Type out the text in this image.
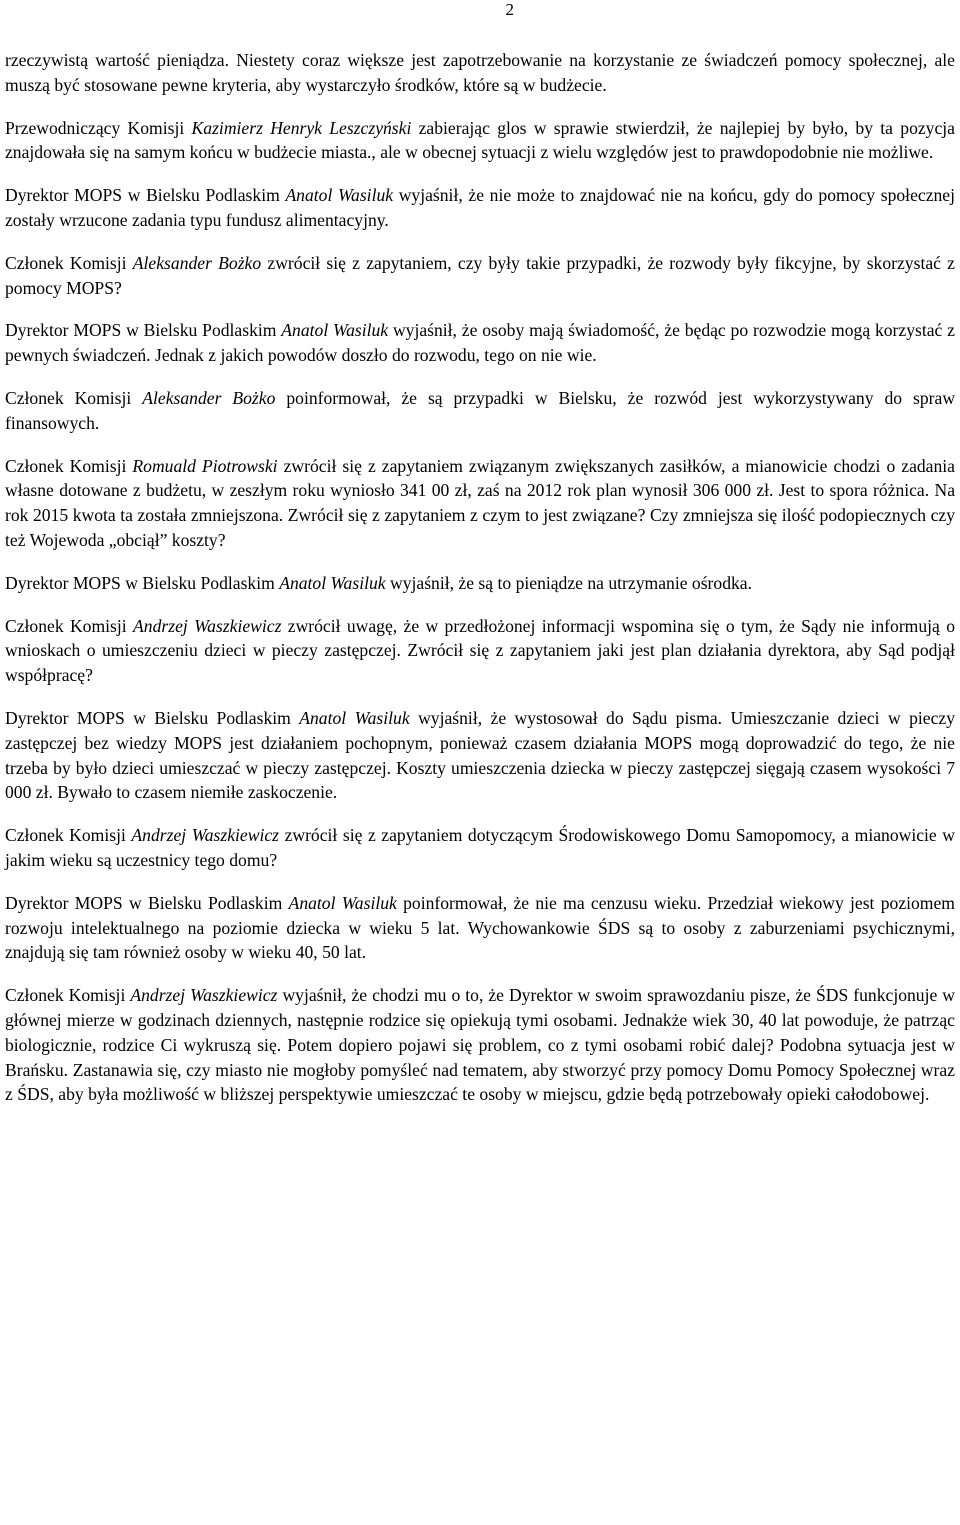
2

rzeczywistą wartość pieniądza. Niestety coraz większe jest zapotrzebowanie na korzystanie ze świadczeń pomocy społecznej, ale muszą być stosowane pewne kryteria, aby wystarczyło środków, które są w budżecie.

Przewodniczący Komisji Kazimierz Henryk Leszczyński zabierając glos w sprawie stwierdził, że najlepiej by było, by ta pozycja znajdowała się na samym końcu w budżecie miasta., ale w obecnej sytuacji z wielu względów jest to prawdopodobnie nie możliwe.

Dyrektor MOPS w Bielsku Podlaskim Anatol Wasiluk wyjaśnił, że nie może to znajdować nie na końcu, gdy do pomocy społecznej zostały wrzucone zadania typu fundusz alimentacyjny.

Członek Komisji Aleksander Bożko zwrócił się z zapytaniem, czy były takie przypadki, że rozwody były fikcyjne, by skorzystać z pomocy MOPS?

Dyrektor MOPS w Bielsku Podlaskim Anatol Wasiluk wyjaśnił, że osoby mają świadomość, że będąc po rozwodzie mogą korzystać z pewnych świadczeń. Jednak z jakich powodów doszło do rozwodu, tego on nie wie.

Członek Komisji Aleksander Bożko poinformował, że są przypadki w Bielsku, że rozwód jest wykorzystywany do spraw finansowych.

Członek Komisji Romuald Piotrowski zwrócił się z zapytaniem związanym zwiększanych zasiłków, a mianowicie chodzi o zadania własne dotowane z budżetu, w zeszłym roku wyniosło 341 00 zł, zaś na 2012 rok plan wynosił 306 000 zł. Jest to spora różnica. Na rok 2015 kwota ta została zmniejszona. Zwrócił się z zapytaniem z czym to jest związane? Czy zmniejsza się ilość podopiecznych czy też Wojewoda „obciął” koszty?

Dyrektor MOPS w Bielsku Podlaskim Anatol Wasiluk wyjaśnił, że są to pieniądze na utrzymanie ośrodka.

Członek Komisji Andrzej Waszkiewicz zwrócił uwagę, że w przedłożonej informacji wspomina się o tym, że Sądy nie informują o wnioskach o umieszczeniu dzieci w pieczy zastępczej. Zwrócił się z zapytaniem jaki jest plan działania dyrektora, aby Sąd podjął współpracę?

Dyrektor MOPS w Bielsku Podlaskim Anatol Wasiluk wyjaśnił, że wystosował do Sądu pisma. Umieszczanie dzieci w pieczy zastępczej bez wiedzy MOPS jest działaniem pochopnym, ponieważ czasem działania MOPS mogą doprowadzić do tego, że nie trzeba by było dzieci umieszczać w pieczy zastępczej. Koszty umieszczenia dziecka w pieczy zastępczej sięgają czasem wysokości 7 000 zł. Bywało to czasem niemiłe zaskoczenie.

Członek Komisji Andrzej Waszkiewicz zwrócił się z zapytaniem dotyczącym Środowiskowego Domu Samopomocy, a mianowicie w jakim wieku są uczestnicy tego domu?

Dyrektor MOPS w Bielsku Podlaskim Anatol Wasiluk poinformował, że nie ma cenzusu wieku. Przedział wiekowy jest poziomem rozwoju intelektualnego na poziomie dziecka w wieku 5 lat. Wychowankowie ŚDS są to osoby z zaburzeniami psychicznymi, znajdują się tam również osoby w wieku 40, 50 lat.

Członek Komisji Andrzej Waszkiewicz wyjaśnił, że chodzi mu o to, że Dyrektor w swoim sprawozdaniu pisze, że ŚDS funkcjonuje w głównej mierze w godzinach dziennych, następnie rodzice się opiekują tymi osobami. Jednakże wiek 30, 40 lat powoduje, że patrząc biologicznie, rodzice Ci wykruszą się. Potem dopiero pojawi się problem, co z tymi osobami robić dalej? Podobna sytuacja jest w Brańsku. Zastanawia się, czy miasto nie mogłoby pomyśleć nad tematem, aby stworzyć przy pomocy Domu Pomocy Społecznej wraz z ŚDS, aby była możliwość w bliższej perspektywie umieszczać te osoby w miejscu, gdzie będą potrzebowały opieki całodobowej.
